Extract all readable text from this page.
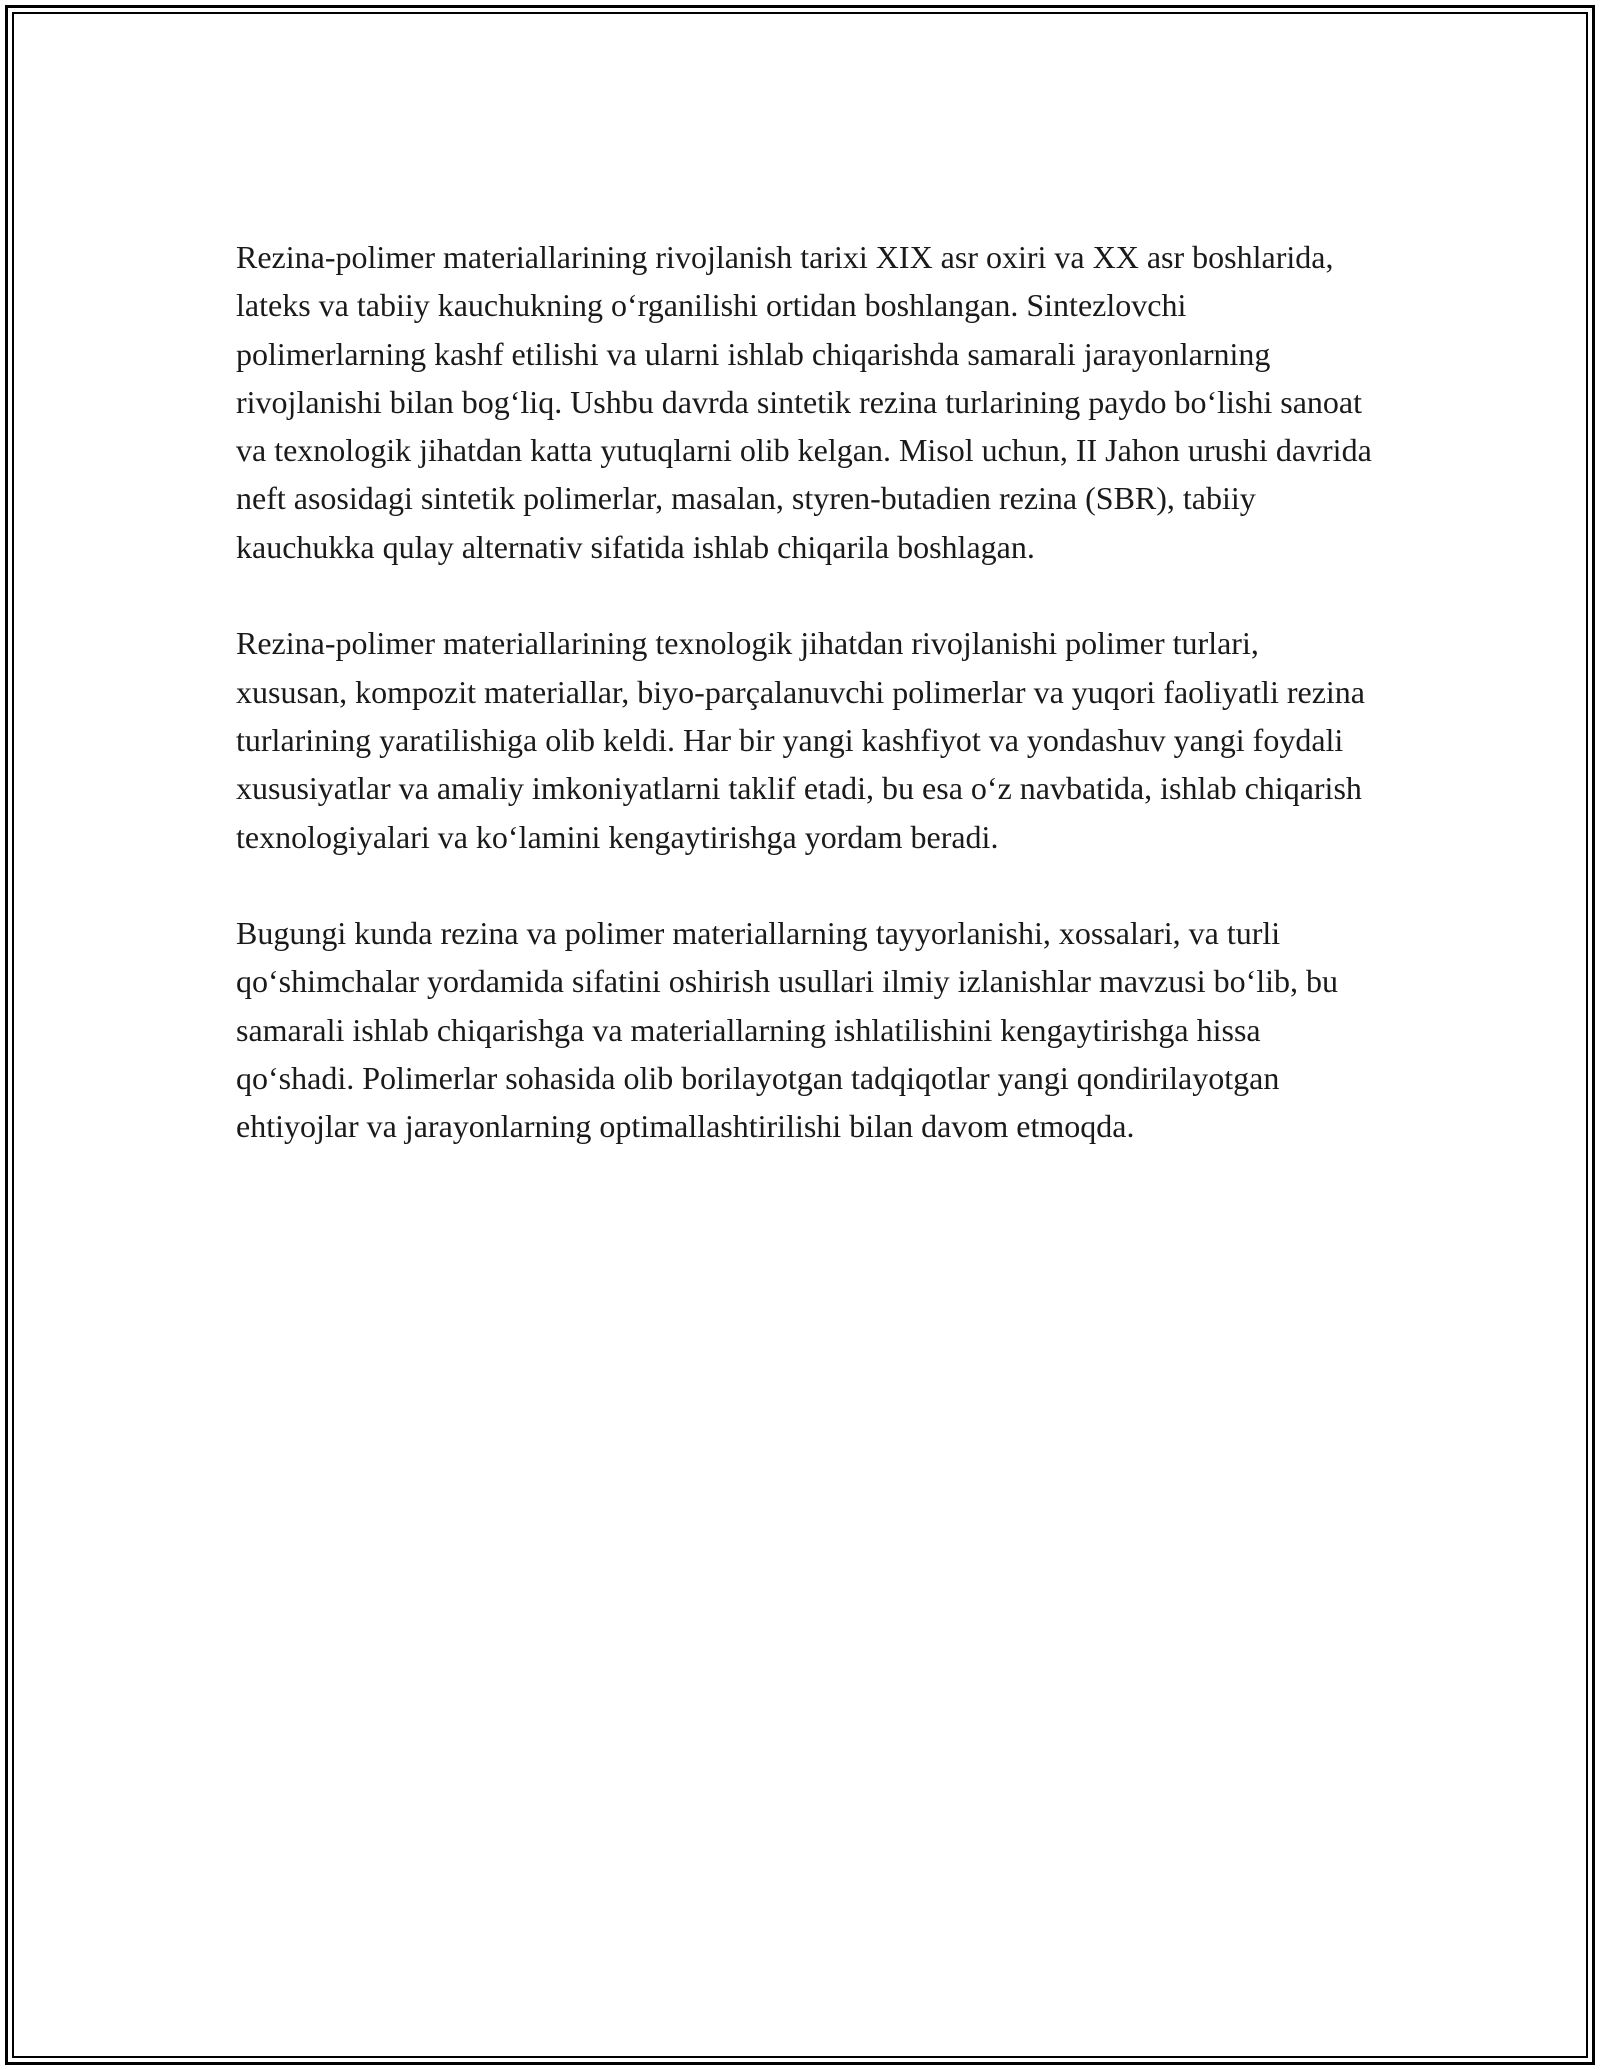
Rezina-polimer materiallarining rivojlanish tarixi XIX asr oxiri va XX asr boshlarida, lateks va tabiiy kauchukning oʻrganilishi ortidan boshlangan. Sintezlovchi polimerlarning kashf etilishi va ularni ishlab chiqarishda samarali jarayonlarning rivojlanishi bilan bogʻliq. Ushbu davrda sintetik rezina turlarining paydo boʻlishi sanoat va texnologik jihatdan katta yutuqlarni olib kelgan. Misol uchun, II Jahon urushi davrida neft asosidagi sintetik polimerlar, masalan, styren-butadien rezina (SBR), tabiiy kauchukka qulay alternativ sifatida ishlab chiqarila boshlagan.

Rezina-polimer materiallarining texnologik jihatdan rivojlanishi polimer turlari, xususan, kompozit materiallar, biyo-parçalanuvchi polimerlar va yuqori faoliyatli rezina turlarining yaratilishiga olib keldi. Har bir yangi kashfiyot va yondashuv yangi foydali xususiyatlar va amaliy imkoniyatlarni taklif etadi, bu esa oʻz navbatida, ishlab chiqarish texnologiyalari va koʻlamini kengaytirishga yordam beradi.

Bugungi kunda rezina va polimer materiallarning tayyorlanishi, xossalari, va turli qoʻshimchalar yordamida sifatini oshirish usullari ilmiy izlanishlar mavzusi boʻlib, bu samarali ishlab chiqarishga va materiallarning ishlatilishini kengaytirishga hissa qoʻshadi. Polimerlar sohasida olib borilayotgan tadqiqotlar yangi qondirilayotgan ehtiyojlar va jarayonlarning optimallashtirilishi bilan davom etmoqda.
